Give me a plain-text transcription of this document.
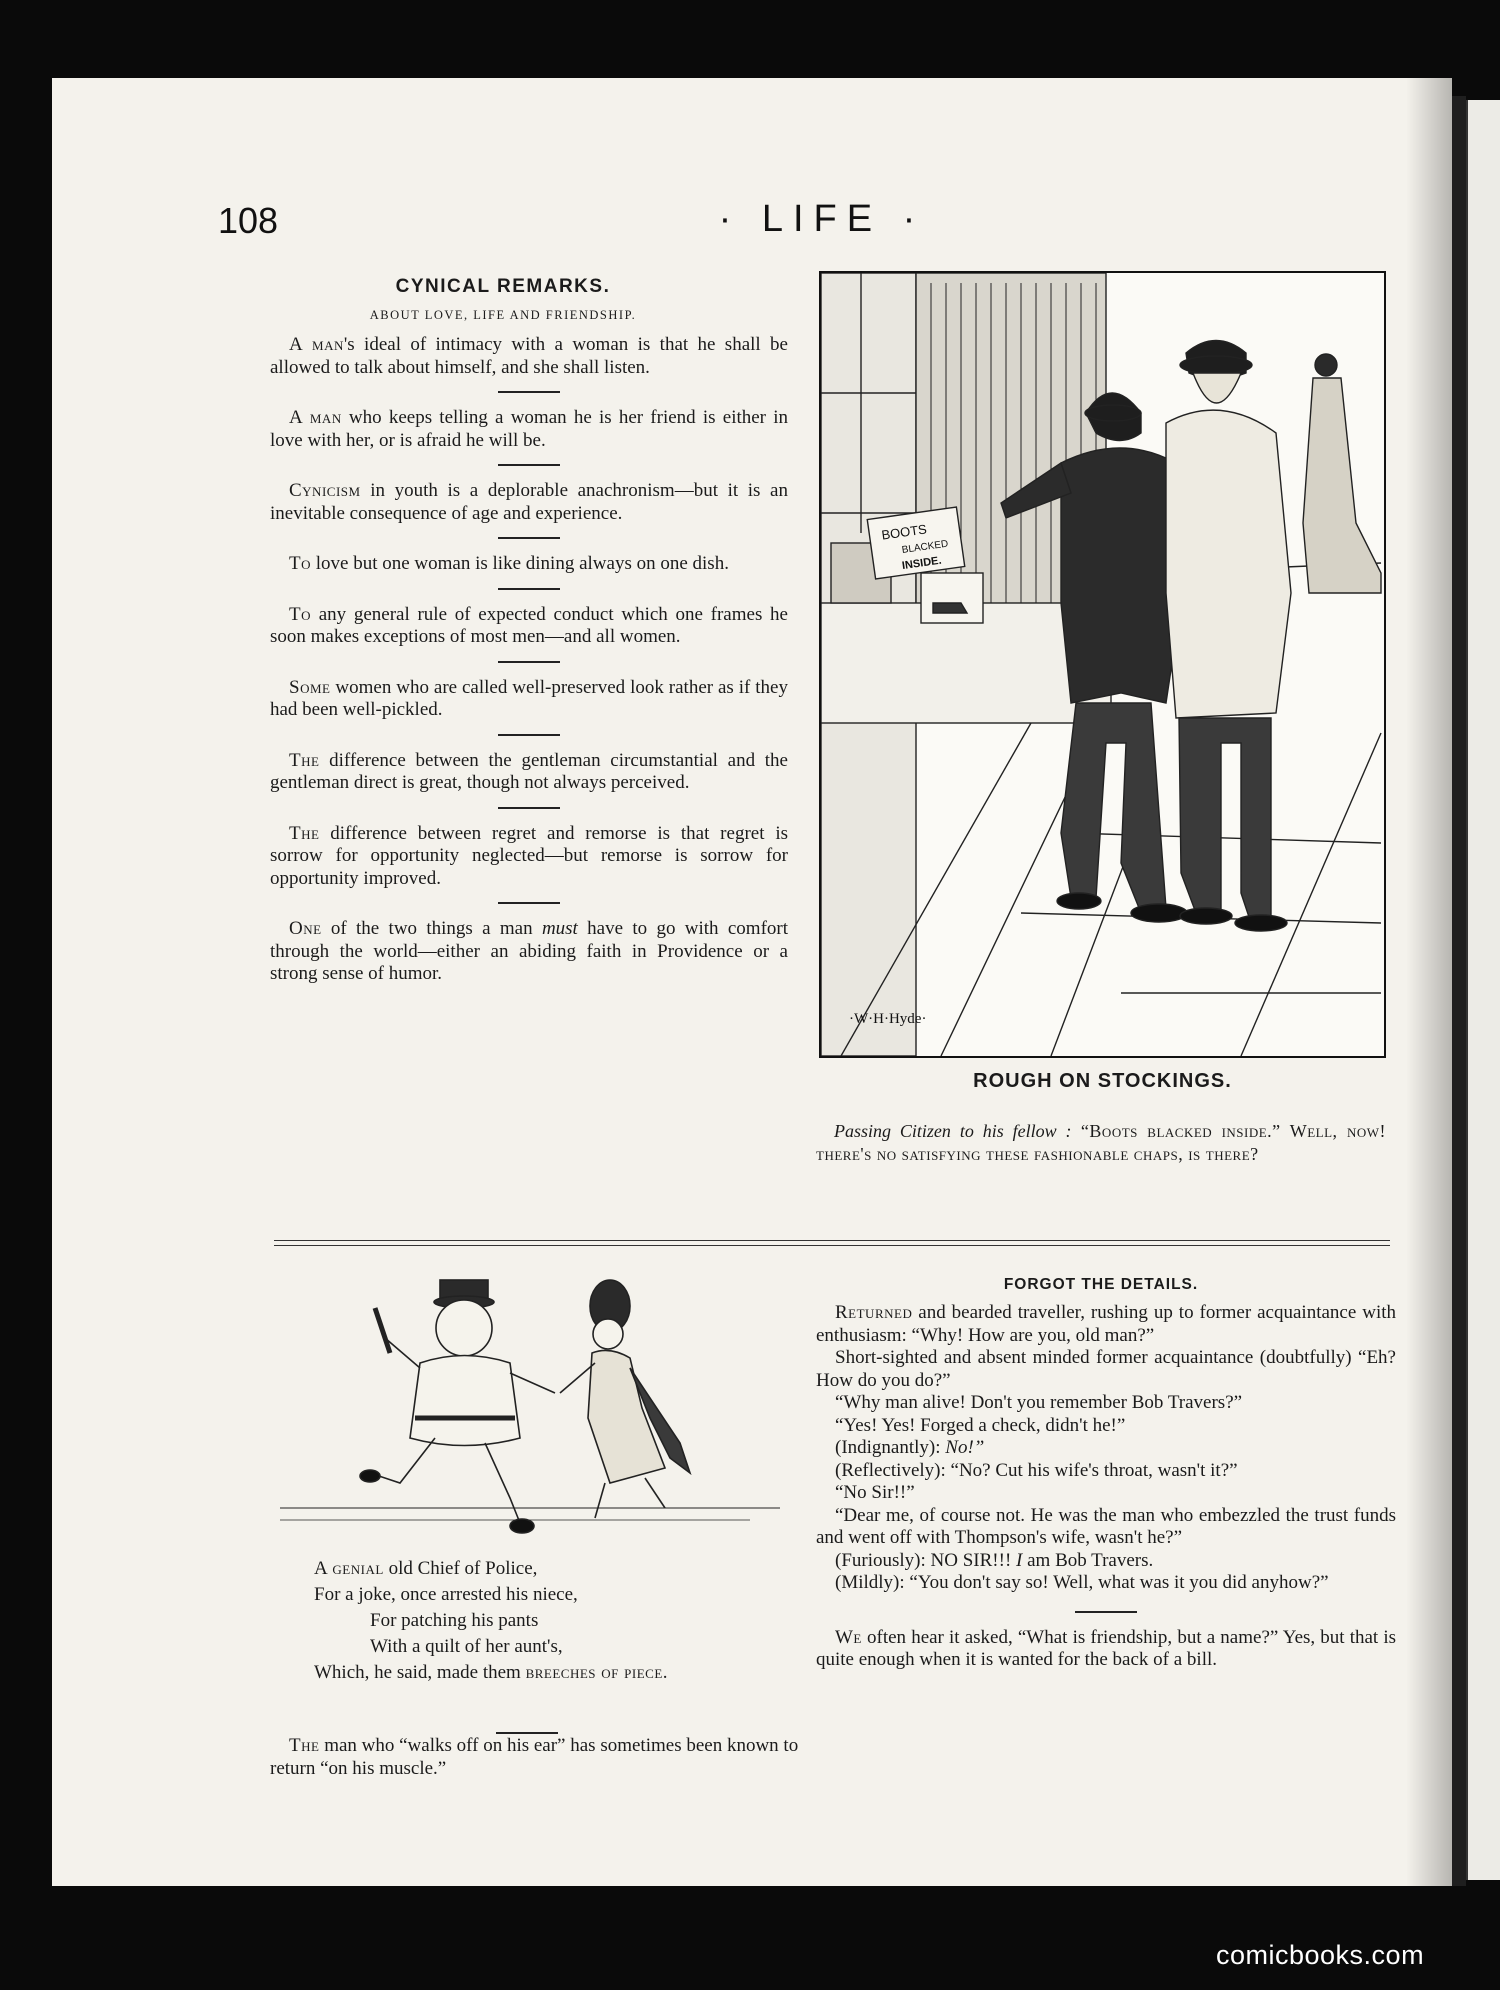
108	· LIFE ·
CYNICAL REMARKS.
ABOUT LOVE, LIFE AND FRIENDSHIP.

 A man's ideal of intimacy with a woman is that he shall be allowed to talk about himself, and she shall listen.

 A man who keeps telling a woman he is her friend is either in love with her, or is afraid he will be.

 Cynicism in youth is a deplorable anachronism—but it is an inevitable consequence of age and experience.

 To love but one woman is like dining always on one dish.

 To any general rule of expected conduct which one frames he soon makes exceptions of most men—and all women.

 Some women who are called well-preserved look rather as if they had been well-pickled.

 The difference between the gentleman circumstantial and the gentleman direct is great, though not always perceived.

 The difference between regret and remorse is that regret is sorrow for opportunity neglected—but remorse is sorrow for opportunity improved.

 One of the two things a man must have to go with comfort through the world—either an abiding faith in Providence or a strong sense of humor.

BOOTS
BLACKED
INSIDE.
·W·H·Hyde·
ROUGH ON STOCKINGS.
 Passing Citizen to his fellow : “Boots blacked inside.” Well, now! there's no satisfying these fashionable chaps, is there?

A genial old Chief of Police,

For a joke, once arrested his niece,

For patching his pants

With a quilt of her aunt's,

Which, he said, made them breeches of piece.

 The man who “walks off on his ear” has sometimes been known to return “on his muscle.”
FORGOT THE DETAILS.

 Returned and bearded traveller, rushing up to former acquaintance with enthusiasm: “Why! How are you, old man?”

 Short-sighted and absent minded former acquaintance (doubtfully) “Eh? How do you do?”

 “Why man alive! Don't you remember Bob Travers?”

 “Yes! Yes! Forged a check, didn't he!”

 (Indignantly): No!”

 (Reflectively): “No? Cut his wife's throat, wasn't it?”

 “No Sir!!”

 “Dear me, of course not. He was the man who embezzled the trust funds and went off with Thompson's wife, wasn't he?”

 (Furiously): NO SIR!!! I am Bob Travers.

 (Mildly): “You don't say so! Well, what was it you did anyhow?”

 We often hear it asked, “What is friendship, but a name?” Yes, but that is quite enough when it is wanted for the back of a bill.

comicbooks.com
